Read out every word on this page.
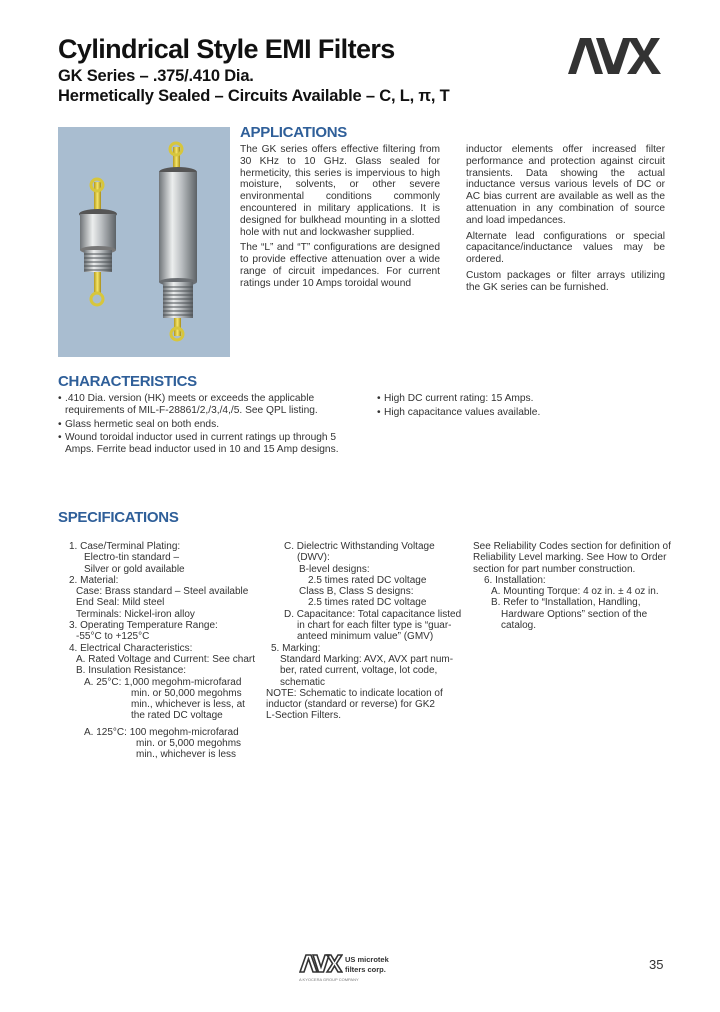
Cylindrical Style EMI Filters
GK Series – .375/.410 Dia.
Hermetically Sealed – Circuits Available – C, L, π, T
APPLICATIONS

The GK series offers effective filtering from 30 KHz to 10 GHz. Glass sealed for hermeticity, this series is impervious to high moisture, solvents, or other severe environmental conditions commonly encountered in military applications. It is designed for bulkhead mounting in a slotted hole with nut and lockwasher supplied.

The “L” and “T” configurations are designed to provide effective attenuation over a wide range of circuit impedances. For current ratings under 10 Amps toroidal wound

inductor elements offer increased filter performance and protection against circuit transients. Data showing the actual inductance versus various levels of DC or AC bias current are available as well as the attenuation in any combination of source and load impedances.

Alternate lead configurations or special capacitance/inductance values may be ordered.

Custom packages or filter arrays utilizing the GK series can be furnished.

CHARACTERISTICS
• .410 Dia. version (HK) meets or exceeds the applicable requirements of MIL-F-28861/2,/3,/4,/5. See QPL listing.
• Glass hermetic seal on both ends.
• Wound toroidal inductor used in current ratings up through 5 Amps. Ferrite bead inductor used in 10 and 15 Amp designs.
• High DC current rating: 15 Amps.
• High capacitance values available.
SPECIFICATIONS
1. Case/Terminal Plating:
Electro-tin standard –
Silver or gold available
2. Material:
Case: Brass standard – Steel available
End Seal: Mild steel
Terminals: Nickel-iron alloy
3. Operating Temperature Range:
-55°C to +125°C
4. Electrical Characteristics:
A. Rated Voltage and Current: See chart
B. Insulation Resistance:
A. 25°C: 1,000 megohm-microfarad
min. or 50,000 megohms
min., whichever is less, at
the rated DC voltage
A. 125°C: 100 megohm-microfarad
min. or 5,000 megohms
min., whichever is less
C. Dielectric Withstanding Voltage
(DWV):
B-level designs:
2.5 times rated DC voltage
Class B, Class S designs:
2.5 times rated DC voltage
D. Capacitance: Total capacitance listed
in chart for each filter type is “guar-
anteed minimum value” (GMV)
5. Marking:
Standard Marking: AVX, AVX part num-
ber, rated current, voltage, lot code,
schematic
NOTE: Schematic to indicate location of
inductor (standard or reverse) for GK2
L-Section Filters.
See Reliability Codes section for definition of
Reliability Level marking. See How to Order
section for part number construction.
6. Installation:
A. Mounting Torque: 4 oz in. ± 4 oz in.
B. Refer to “Installation, Handling,
Hardware Options” section of the
catalog.
US microtek
filters corp.
A KYOCERA GROUP COMPANY
35
